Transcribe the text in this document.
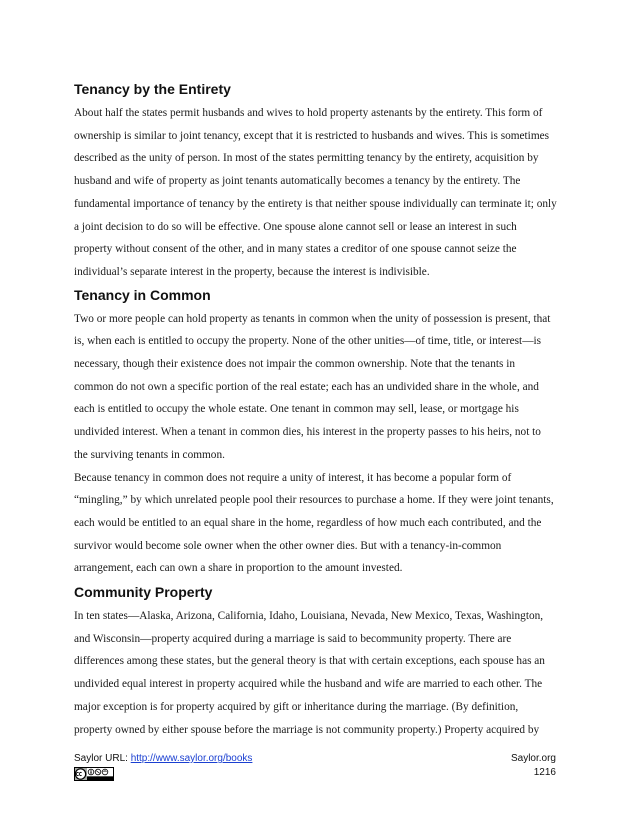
Tenancy by the Entirety

About half the states permit husbands and wives to hold property astenants by the entirety. This form of ownership is similar to joint tenancy, except that it is restricted to husbands and wives. This is sometimes described as the unity of person. In most of the states permitting tenancy by the entirety, acquisition by husband and wife of property as joint tenants automatically becomes a tenancy by the entirety. The fundamental importance of tenancy by the entirety is that neither spouse individually can terminate it; only a joint decision to do so will be effective. One spouse alone cannot sell or lease an interest in such property without consent of the other, and in many states a creditor of one spouse cannot seize the individual’s separate interest in the property, because the interest is indivisible.

Tenancy in Common

Two or more people can hold property as tenants in common when the unity of possession is present, that is, when each is entitled to occupy the property. None of the other unities—of time, title, or interest—is necessary, though their existence does not impair the common ownership. Note that the tenants in common do not own a specific portion of the real estate; each has an undivided share in the whole, and each is entitled to occupy the whole estate. One tenant in common may sell, lease, or mortgage his undivided interest. When a tenant in common dies, his interest in the property passes to his heirs, not to the surviving tenants in common.

Because tenancy in common does not require a unity of interest, it has become a popular form of “mingling,” by which unrelated people pool their resources to purchase a home. If they were joint tenants, each would be entitled to an equal share in the home, regardless of how much each contributed, and the survivor would become sole owner when the other owner dies. But with a tenancy-in-common arrangement, each can own a share in proportion to the amount invested.

Community Property

In ten states—Alaska, Arizona, California, Idaho, Louisiana, Nevada, New Mexico, Texas, Washington, and Wisconsin—property acquired during a marriage is said to becommunity property. There are differences among these states, but the general theory is that with certain exceptions, each spouse has an undivided equal interest in property acquired while the husband and wife are married to each other. The major exception is for property acquired by gift or inheritance during the marriage. (By definition, property owned by either spouse before the marriage is not community property.) Property acquired by

Saylor URL: http://www.saylor.org/books	Saylor.org
1216
